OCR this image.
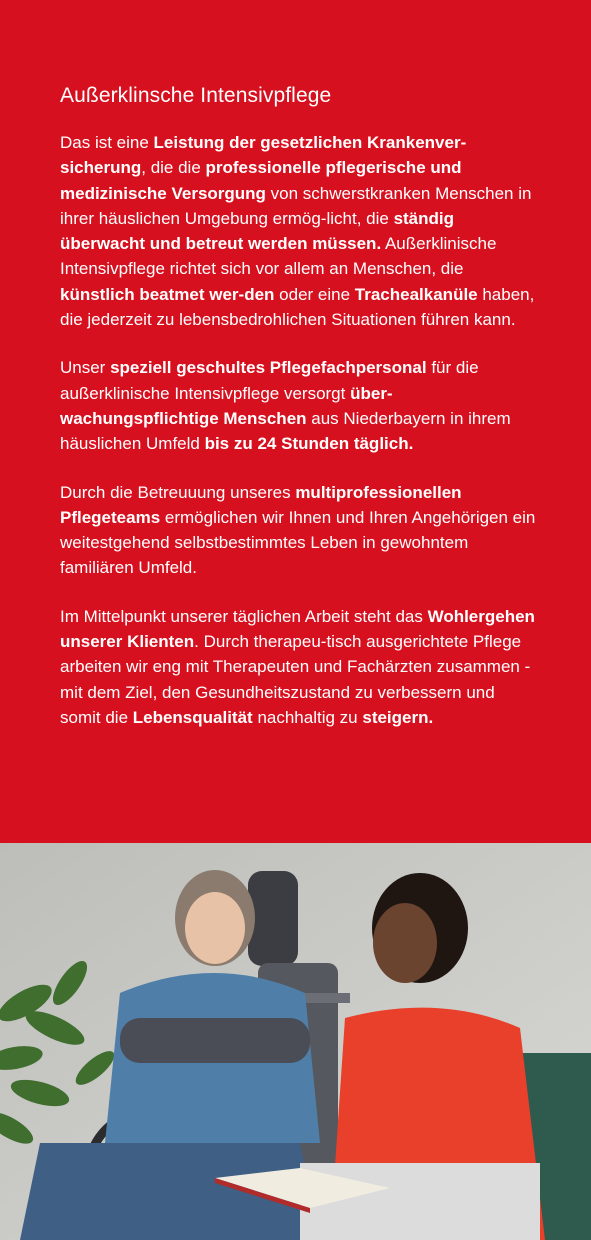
Außerklinsche Intensivpflege

Das ist eine Leistung der gesetzlichen Krankenver-sicherung, die die professionelle pflegerische und medizinische Versorgung von schwerstkranken Menschen in ihrer häuslichen Umgebung ermög-licht, die ständig überwacht und betreut werden müssen. Außerklinische Intensivpflege richtet sich vor allem an Menschen, die künstlich beatmet wer-den oder eine Trachealkanüle haben, die jederzeit zu lebensbedrohlichen Situationen führen kann.

Unser speziell geschultes Pflegefachpersonal für die außerklinische Intensivpflege versorgt über-wachungspflichtige Menschen aus Niederbayern in ihrem häuslichen Umfeld bis zu 24 Stunden täglich.

Durch die Betreuuung unseres multiprofessionellen Pflegeteams ermöglichen wir Ihnen und Ihren Angehörigen ein weitestgehend selbstbestimmtes Leben in gewohntem familiären Umfeld.

Im Mittelpunkt unserer täglichen Arbeit steht das Wohlergehen unserer Klienten. Durch therapeu-tisch ausgerichtete Pflege arbeiten wir eng mit Therapeuten und Fachärzten zusammen - mit dem Ziel, den Gesundheitszustand zu verbessern und somit die Lebensqualität nachhaltig zu steigern.
